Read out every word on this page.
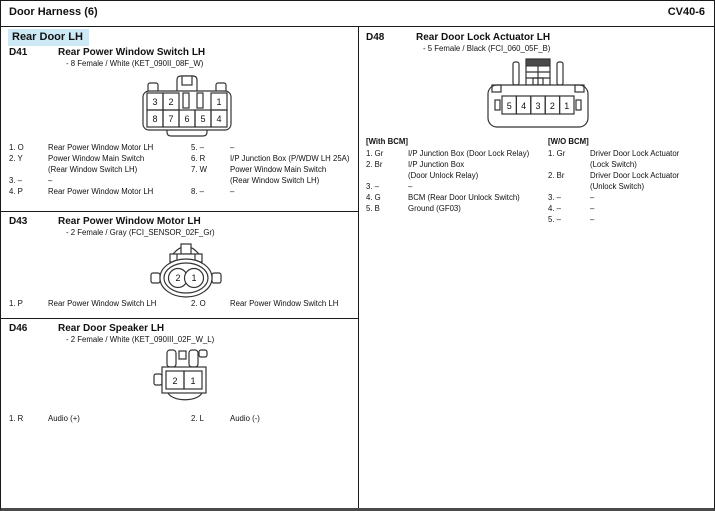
Door Harness (6)	CV40-6
Rear Door LH
D41	Rear Power Window Switch LH
- 8 Female / White (KET_090II_08F_W)
3 2	1
8 7 6 5 4
1. O	Rear Power Window Motor LH
2. Y	Power Window Main Switch
(Rear Window Switch LH)
3. –	–
4. P	Rear Power Window Motor LH
5. –	–
6. R	I/P Junction Box (P/WDW LH 25A)
7. W	Power Window Main Switch
(Rear Window Switch LH)
8. –	–
D43	Rear Power Window Motor LH
- 2 Female / Gray (FCI_SENSOR_02F_Gr)
2 1
1. P	Rear Power Window Switch LH	2. O	Rear Power Window Switch LH
D46	Rear Door Speaker LH
- 2 Female / White (KET_090III_02F_W_L)
2 1
1. R	Audio (+)	2. L	Audio (-)
D48	Rear Door Lock Actuator LH
- 5 Female / Black (FCI_060_05F_B)
5 4 3 2 1
[With BCM]	[W/O BCM]
1. Gr	I/P Junction Box (Door Lock Relay)
2. Br	I/P Junction Box
(Door Unlock Relay)
3. –	–
4. G	BCM (Rear Door Unlock Switch)
5. B	Ground (GF03)
1. Gr	Driver Door Lock Actuator
(Lock Switch)
2. Br	Driver Door Lock Actuator
(Unlock Switch)
3. –	–
4. –	–
5. –	–
